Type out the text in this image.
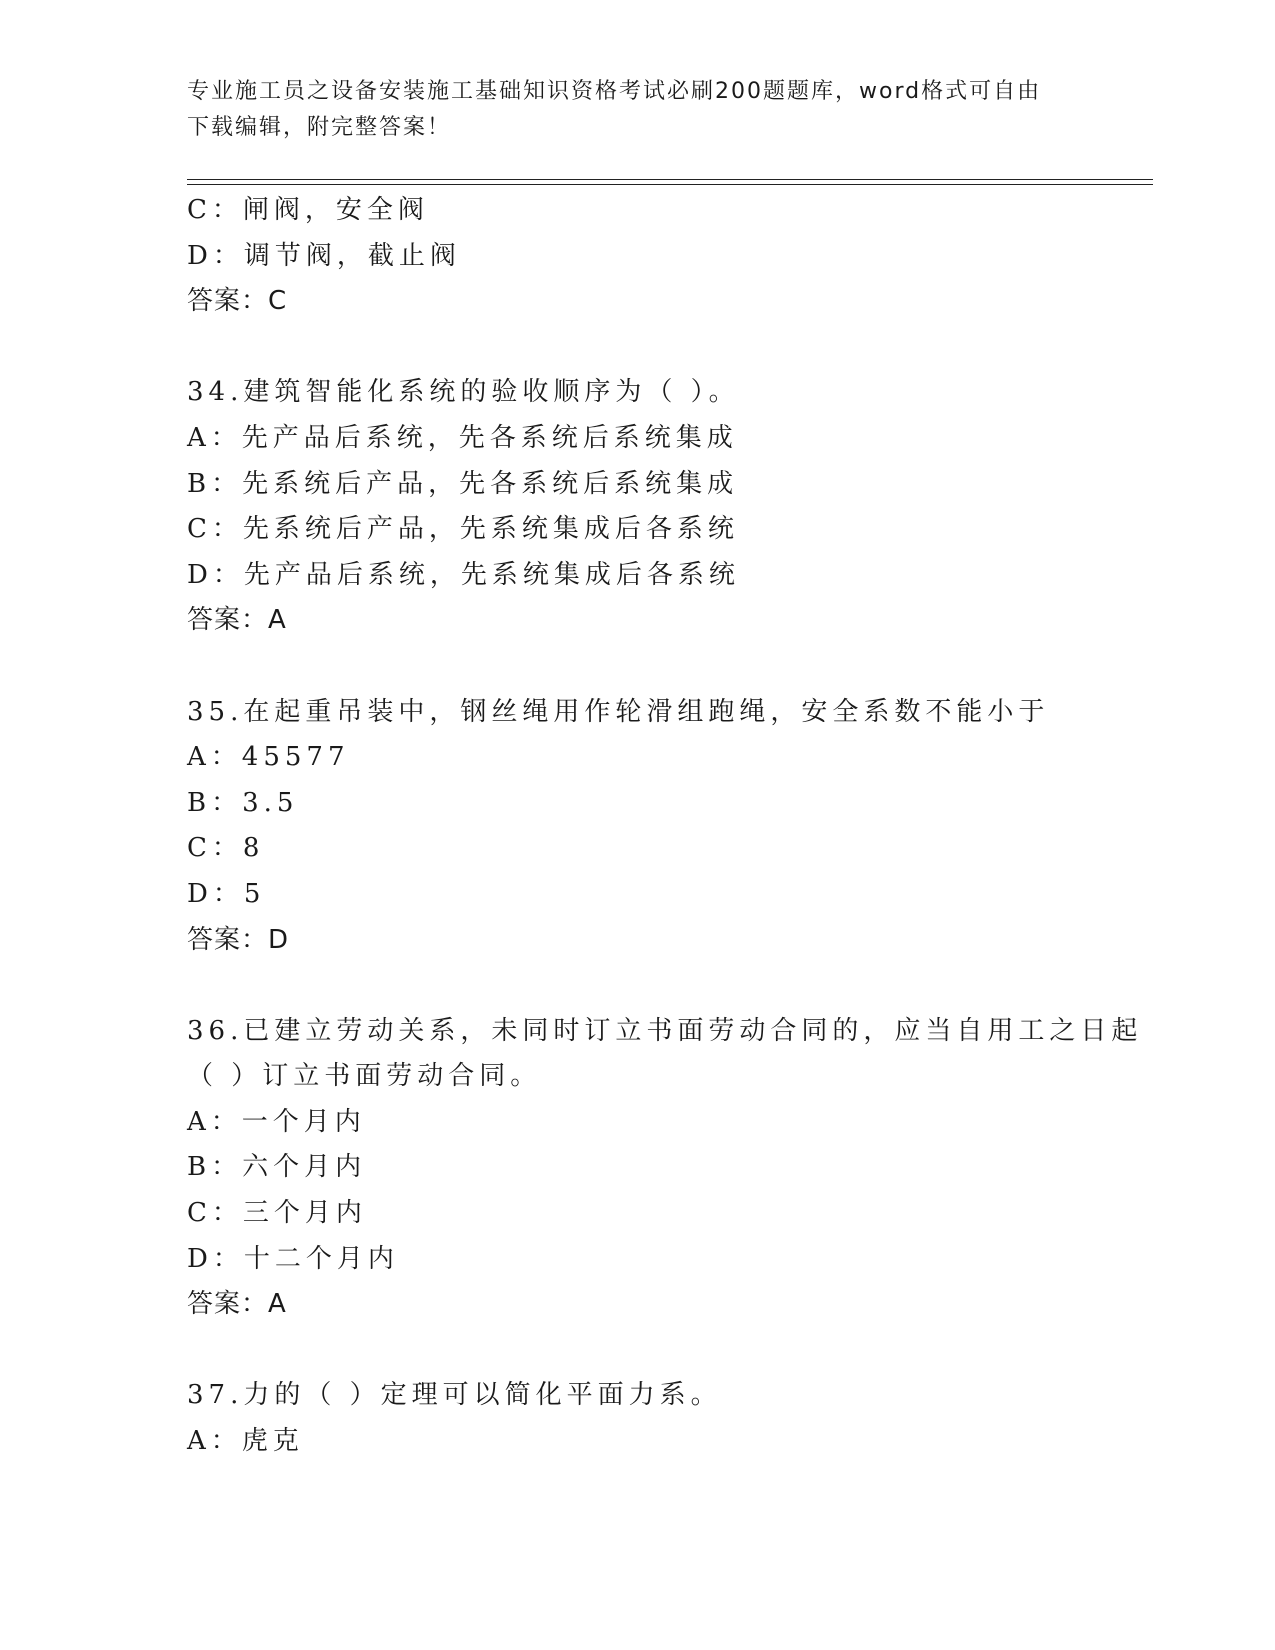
专业施工员之设备安装施工基础知识资格考试必刷200题题库，word格式可自由
下载编辑，附完整答案！
C：闸阀，安全阀
D：调节阀，截止阀
答案：C
34.建筑智能化系统的验收顺序为（ ）。
A：先产品后系统，先各系统后系统集成
B：先系统后产品，先各系统后系统集成
C：先系统后产品，先系统集成后各系统
D：先产品后系统，先系统集成后各系统
答案：A
35.在起重吊装中，钢丝绳用作轮滑组跑绳，安全系数不能小于
A：45577
B：3.5
C：8
D：5
答案：D
36.已建立劳动关系，未同时订立书面劳动合同的，应当自用工之日起
（ ）订立书面劳动合同。
A：一个月内
B：六个月内
C：三个月内
D：十二个月内
答案：A
37.力的（ ）定理可以简化平面力系。
A：虎克
